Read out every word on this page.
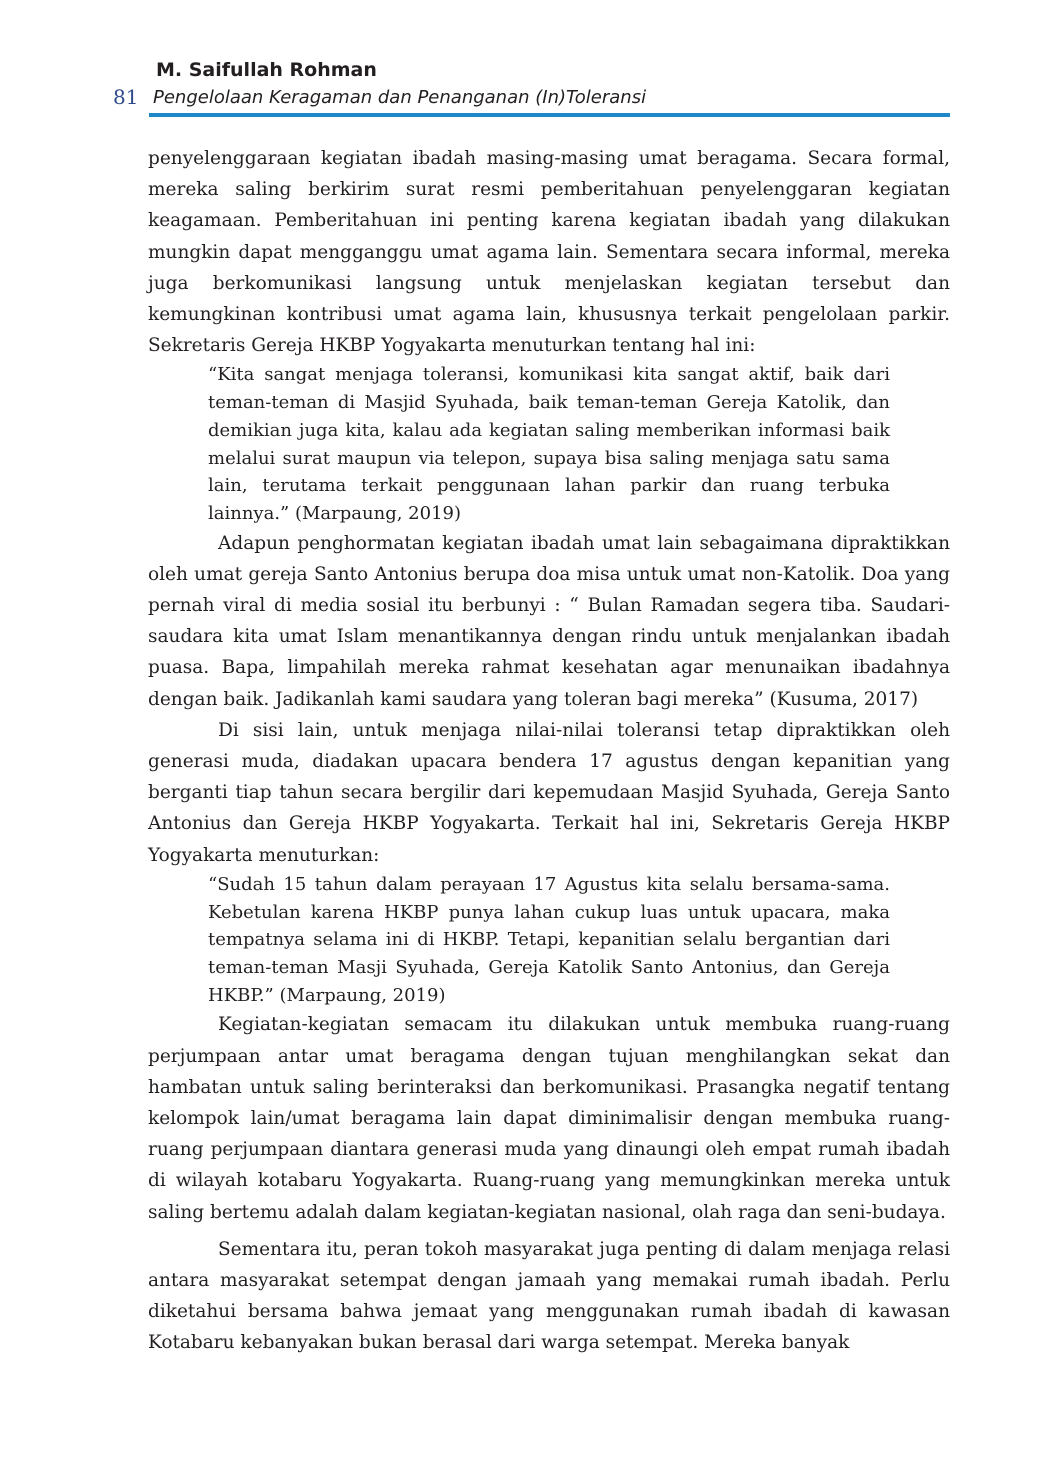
M. Saifullah Rohman
81 Pengelolaan Keragaman dan Penanganan (In)Toleransi

penyelenggaraan kegiatan ibadah masing-masing umat beragama. Secara formal, mereka saling berkirim surat resmi pemberitahuan penyelenggaran kegiatan keagamaan. Pemberitahuan ini penting karena kegiatan ibadah yang dilakukan mungkin dapat mengganggu umat agama lain. Sementara secara informal, mereka juga berkomunikasi langsung untuk menjelaskan kegiatan tersebut dan kemungkinan kontribusi umat agama lain, khususnya terkait pengelolaan parkir. Sekretaris Gereja HKBP Yogyakarta menuturkan tentang hal ini:

“Kita sangat menjaga toleransi, komunikasi kita sangat aktif, baik dari teman-teman di Masjid Syuhada, baik teman-teman Gereja Katolik, dan demikian juga kita, kalau ada kegiatan saling memberikan informasi baik melalui surat maupun via telepon, supaya bisa saling menjaga satu sama lain, terutama terkait penggunaan lahan parkir dan ruang terbuka lainnya.” (Marpaung, 2019)

Adapun penghormatan kegiatan ibadah umat lain sebagaimana dipraktikkan oleh umat gereja Santo Antonius berupa doa misa untuk umat non-Katolik. Doa yang pernah viral di media sosial itu berbunyi : “ Bulan Ramadan segera tiba. Saudari-saudara kita umat Islam menantikannya dengan rindu untuk menjalankan ibadah puasa. Bapa, limpahilah mereka rahmat kesehatan agar menunaikan ibadahnya dengan baik. Jadikanlah kami saudara yang toleran bagi mereka” (Kusuma, 2017)

Di sisi lain, untuk menjaga nilai-nilai toleransi tetap dipraktikkan oleh generasi muda, diadakan upacara bendera 17 agustus dengan kepanitian yang berganti tiap tahun secara bergilir dari kepemudaan Masjid Syuhada, Gereja Santo Antonius dan Gereja HKBP Yogyakarta. Terkait hal ini, Sekretaris Gereja HKBP Yogyakarta menuturkan:

“Sudah 15 tahun dalam perayaan 17 Agustus kita selalu bersama-sama. Kebetulan karena HKBP punya lahan cukup luas untuk upacara, maka tempatnya selama ini di HKBP. Tetapi, kepanitian selalu bergantian dari teman-teman Masji Syuhada, Gereja Katolik Santo Antonius, dan Gereja HKBP.” (Marpaung, 2019)

Kegiatan-kegiatan semacam itu dilakukan untuk membuka ruang-ruang perjumpaan antar umat beragama dengan tujuan menghilangkan sekat dan hambatan untuk saling berinteraksi dan berkomunikasi. Prasangka negatif tentang kelompok lain/umat beragama lain dapat diminimalisir dengan membuka ruang-ruang perjumpaan diantara generasi muda yang dinaungi oleh empat rumah ibadah di wilayah kotabaru Yogyakarta. Ruang-ruang yang memungkinkan mereka untuk saling bertemu adalah dalam kegiatan-kegiatan nasional, olah raga dan seni-budaya.

Sementara itu, peran tokoh masyarakat juga penting di dalam menjaga relasi antara masyarakat setempat dengan jamaah yang memakai rumah ibadah. Perlu diketahui bersama bahwa jemaat yang menggunakan rumah ibadah di kawasan Kotabaru kebanyakan bukan berasal dari warga setempat. Mereka banyak
